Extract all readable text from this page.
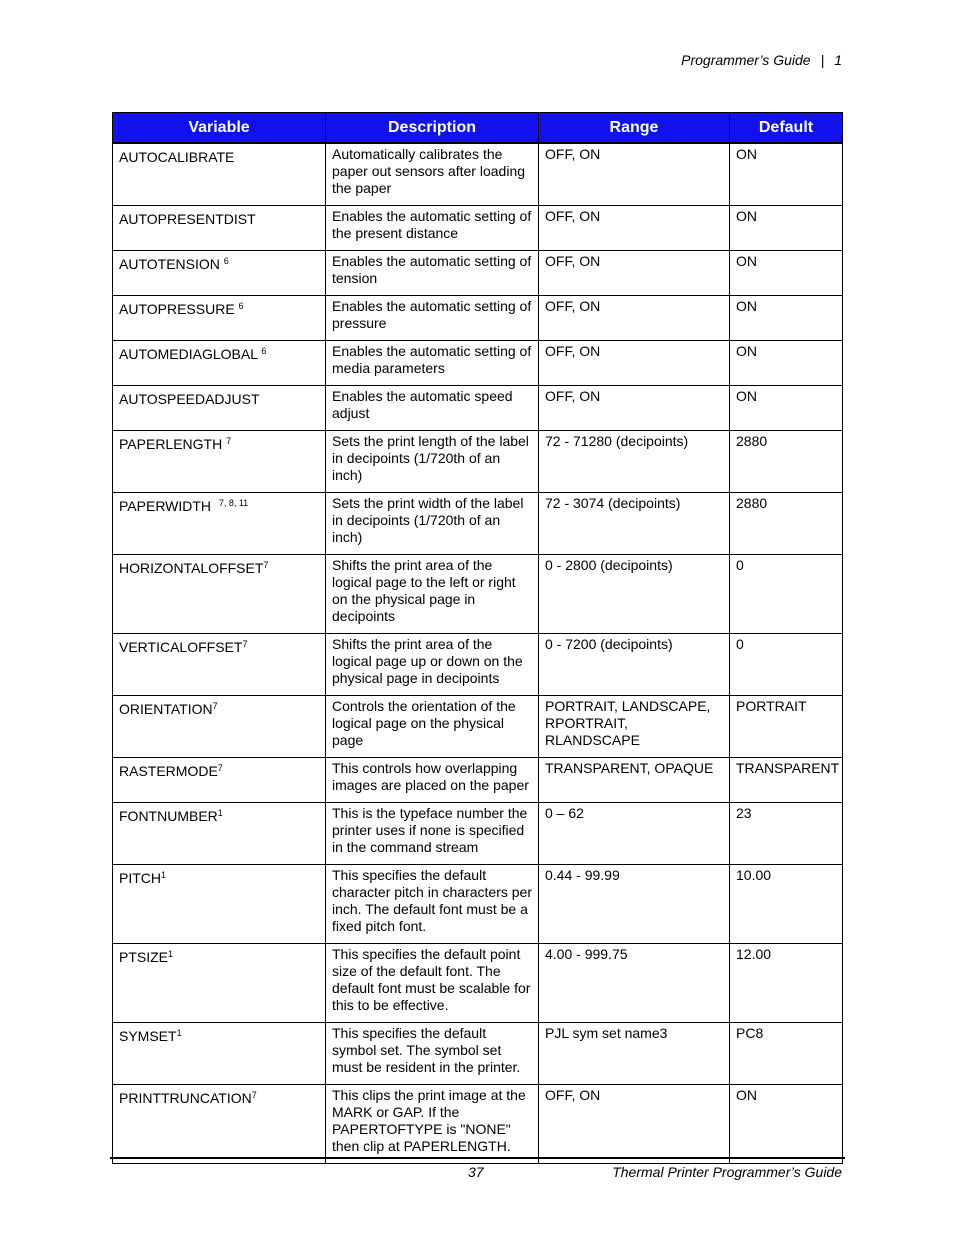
Programmer’s Guide | 1
Variable	Description	Range	Default
AUTOCALIBRATE	Automatically calibrates the paper out sensors after loading the paper	OFF, ON	ON
AUTOPRESENTDIST	Enables the automatic setting of the present distance	OFF, ON	ON
AUTOTENSION $^6$	Enables the automatic setting of tension	OFF, ON	ON
AUTOPRESSURE $^6$	Enables the automatic setting of pressure	OFF, ON	ON
AUTOMEDIAGLOBAL $^6$	Enables the automatic setting of media parameters	OFF, ON	ON
AUTOSPEEDADJUST	Enables the automatic speed adjust	OFF, ON	ON
PAPERLENGTH $^7$	Sets the print length of the label in decipoints (1/720th of an inch)	72 - 71280 (decipoints)	2880
PAPERWIDTH  $^{7, 8, 11}$	Sets the print width of the label in decipoints (1/720th of an inch)	72 - 3074 (decipoints)	2880
HORIZONTALOFFSET$^7$	Shifts the print area of the logical page to the left or right on the physical page in decipoints	0 - 2800 (decipoints)	0
VERTICALOFFSET$^7$	Shifts the print area of the logical page up or down on the physical page in decipoints	0 - 7200 (decipoints)	0
ORIENTATION$^7$	Controls the orientation of the logical page on the physical page	PORTRAIT, LANDSCAPE, RPORTRAIT, RLANDSCAPE	PORTRAIT
RASTERMODE$^7$	This controls how overlapping images are placed on the paper	TRANSPARENT, OPAQUE	TRANSPARENT
FONTNUMBER$^1$	This is the typeface number the printer uses if none is specified in the command stream	0 – 62	23
PITCH$^1$	This specifies the default character pitch in characters per inch. The default font must be a fixed pitch font.	0.44 - 99.99	10.00
PTSIZE$^1$	This specifies the default point size of the default font. The default font must be scalable for this to be effective.	4.00 - 999.75	12.00
SYMSET$^1$	This specifies the default symbol set. The symbol set must be resident in the printer.	PJL sym set name3	PC8
PRINTTRUNCATION$^7$	This clips the print image at the MARK or GAP. If the PAPERTOFTYPE is "NONE" then clip at PAPERLENGTH.	OFF, ON	ON
37	Thermal Printer Programmer’s Guide
